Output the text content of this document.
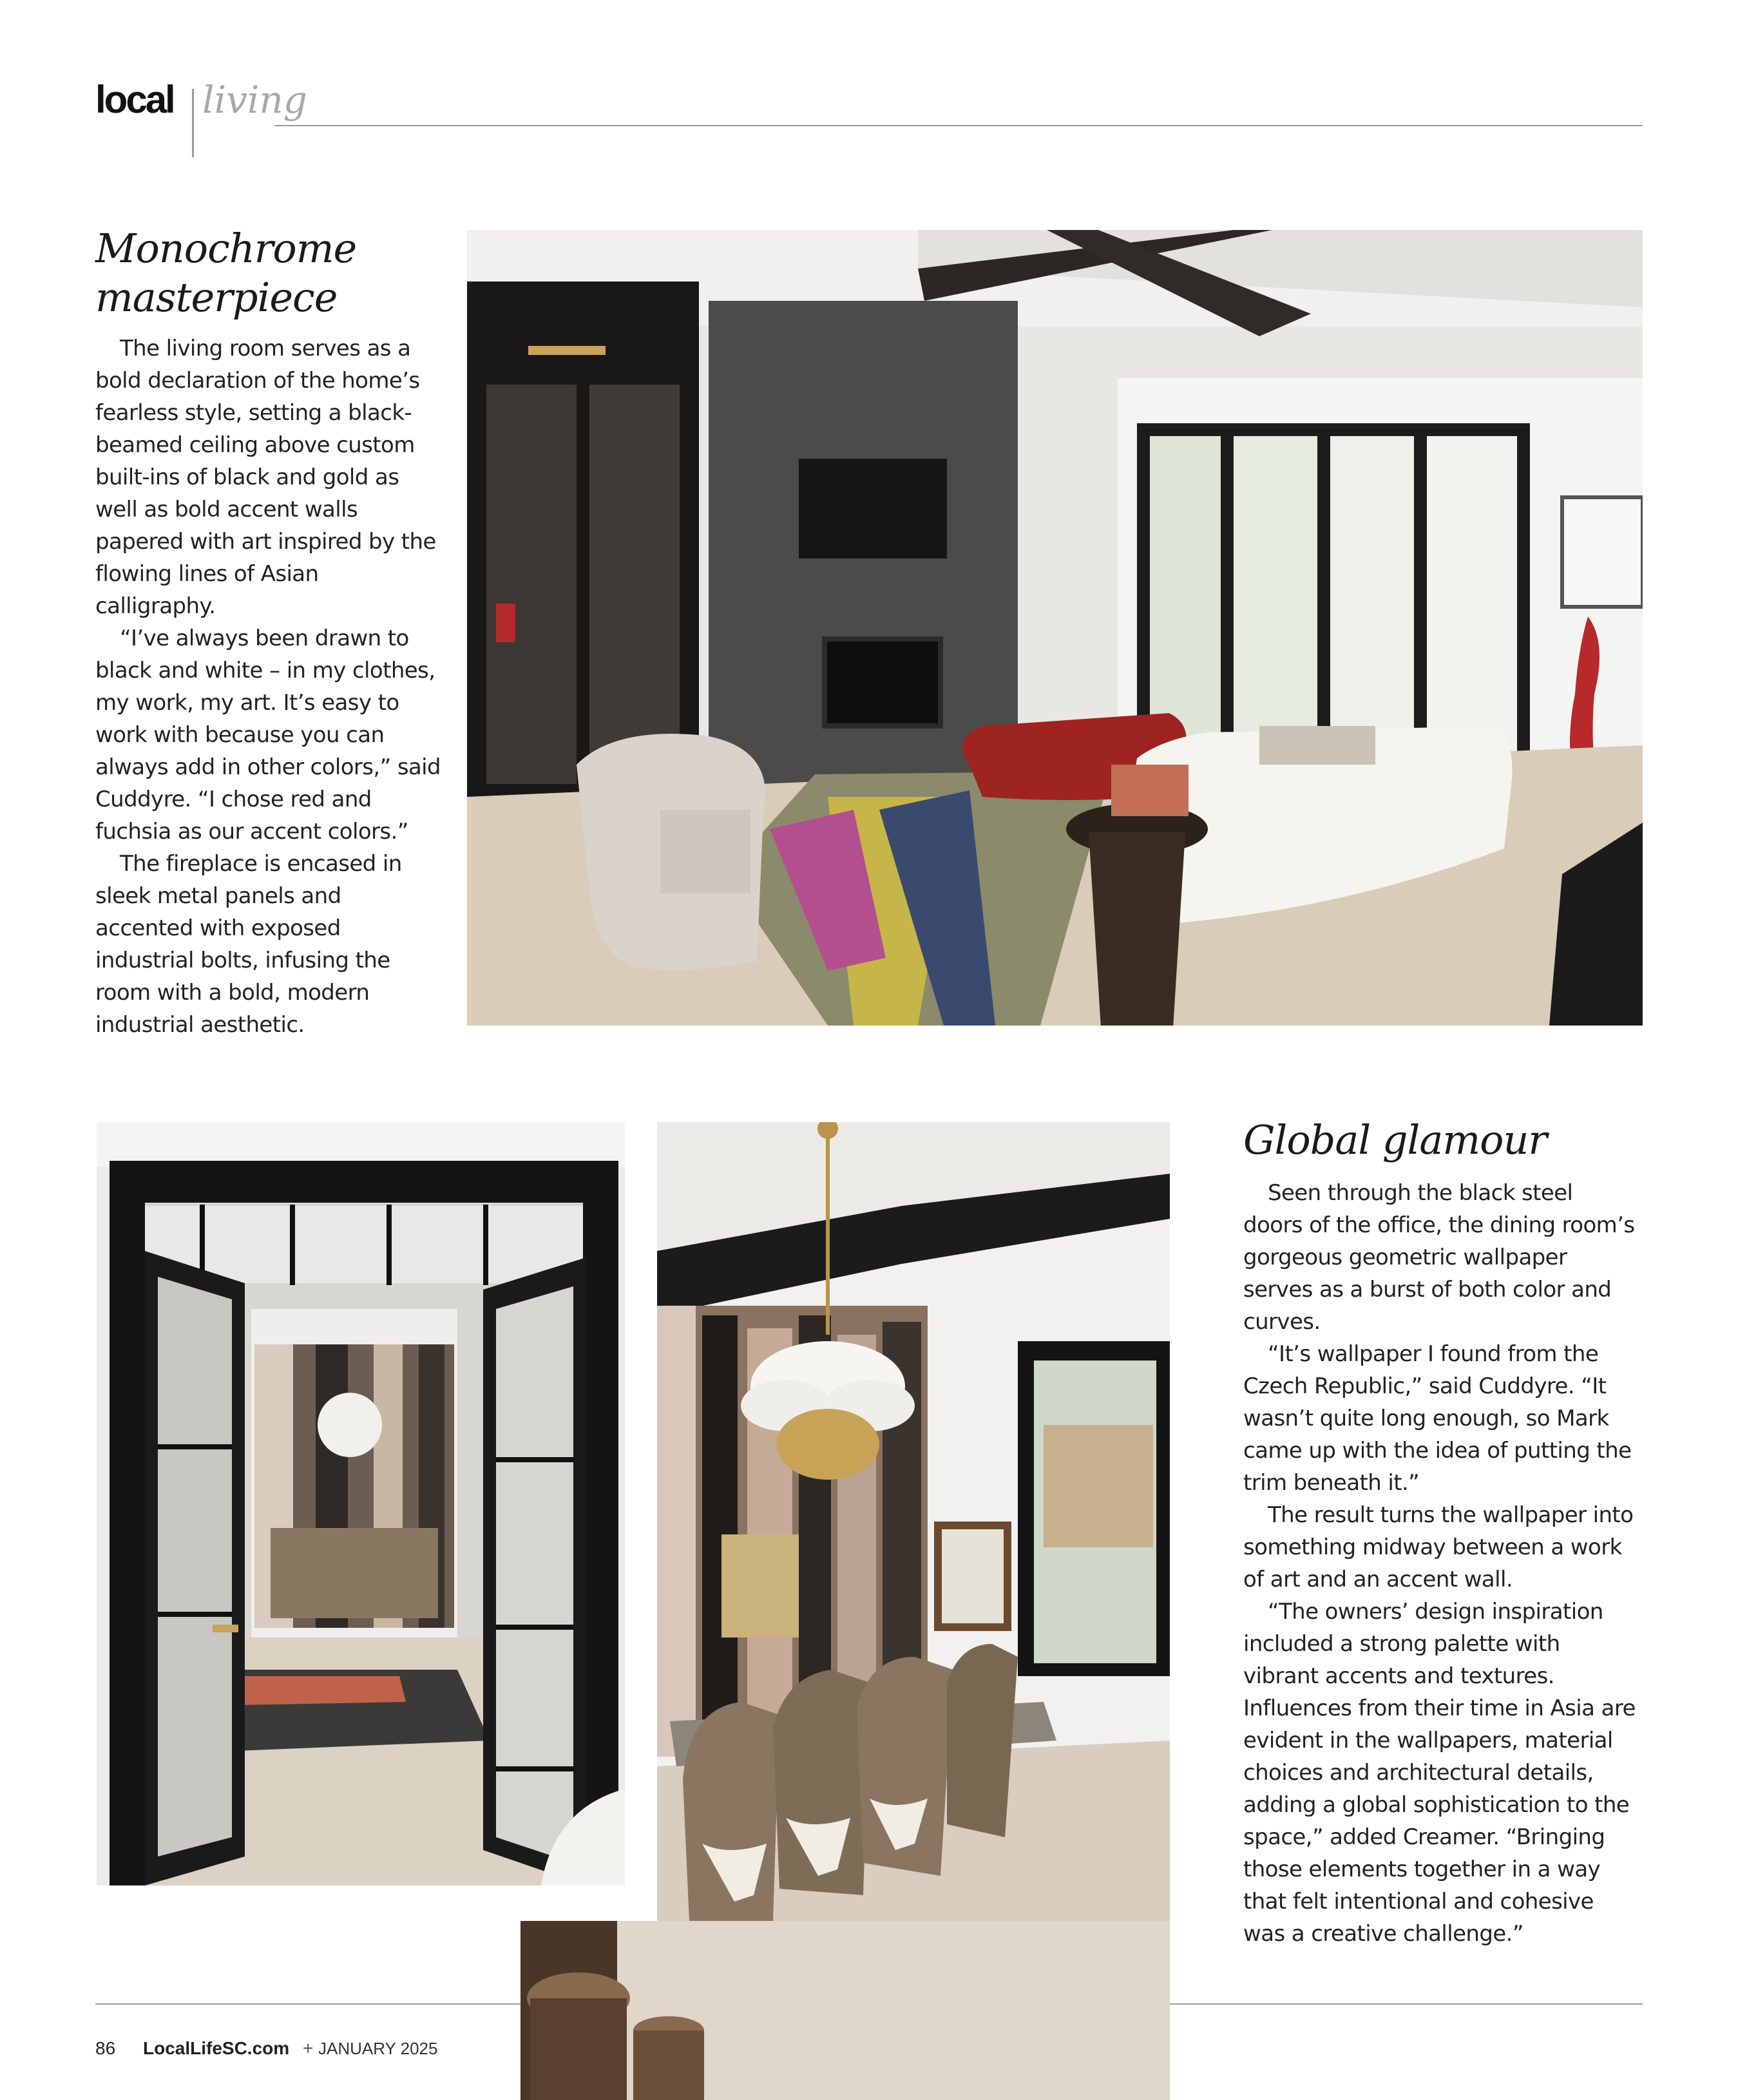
local living
Monochrome
masterpiece

The living room serves as a bold declaration of the home’s fearless style, setting a black-beamed ceiling above custom built-ins of black and gold as well as bold accent walls papered with art inspired by the flowing lines of Asian calligraphy.

“I’ve always been drawn to black and white – in my clothes, my work, my art. It’s easy to work with because you can always add in other colors,” said Cuddyre. “I chose red and fuchsia as our accent colors.”

The fireplace is encased in sleek metal panels and accented with exposed industrial bolts, infusing the room with a bold, modern industrial aesthetic.

Global glamour

Seen through the black steel doors of the office, the dining room’s gorgeous geometric wallpaper serves as a burst of both color and curves.

“It’s wallpaper I found from the Czech Republic,” said Cuddyre. “It wasn’t quite long enough, so Mark came up with the idea of putting the trim beneath it.”

The result turns the wallpaper into something midway between a work of art and an accent wall.

“The owners’ design inspiration included a strong palette with vibrant accents and textures. Influences from their time in Asia are evident in the wallpapers, material choices and architectural details, adding a global sophistication to the space,” added Creamer. “Bringing those elements together in a way that felt intentional and cohesive was a creative challenge.”

86 LocalLifeSC.com + JANUARY 2025
